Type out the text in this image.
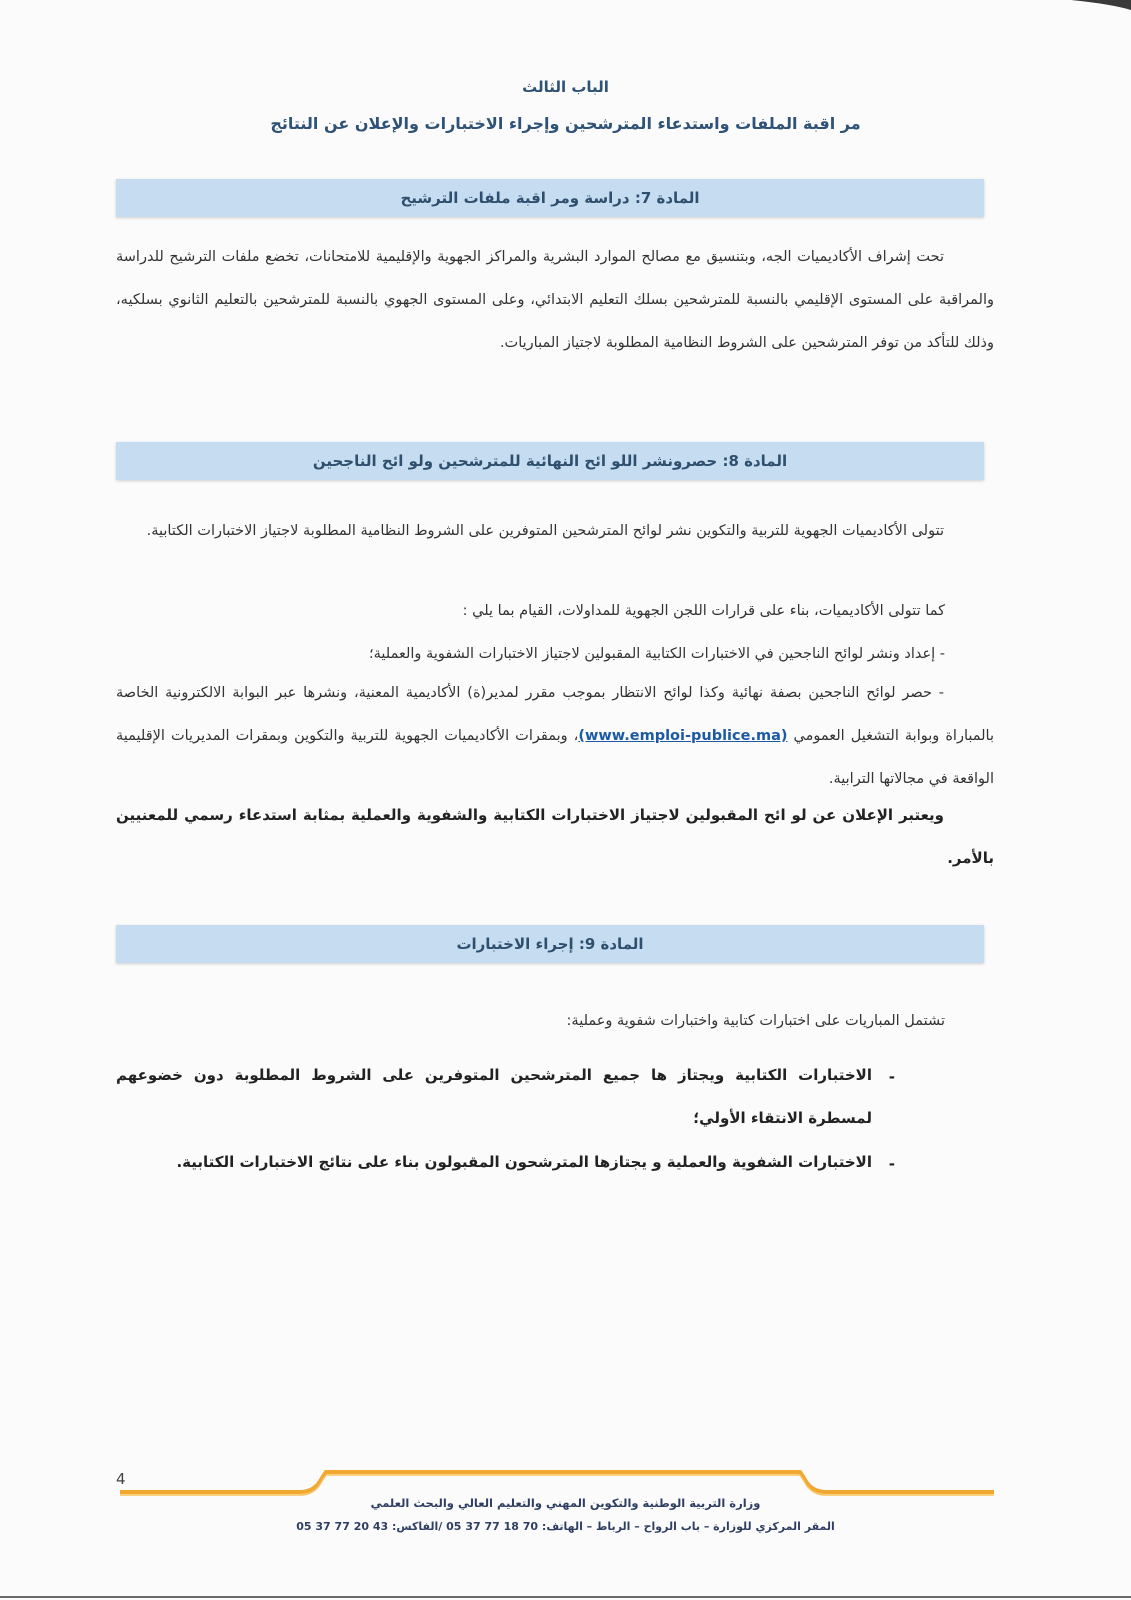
الباب الثالث
مر اقبة الملفات واستدعاء المترشحين وإجراء الاختبارات والإعلان عن النتائج
المادة 7: دراسة ومر اقبة ملفات الترشيح
تحت إشراف الأكاديميات الجه، وبتنسيق مع مصالح الموارد البشرية والمراكز الجهوية والإقليمية للامتحانات، تخضع ملفات الترشيح للدراسة والمراقبة على المستوى الإقليمي بالنسبة للمترشحين بسلك التعليم الابتدائي، وعلى المستوى الجهوي بالنسبة للمترشحين بالتعليم الثانوي بسلكيه، وذلك للتأكد من توفر المترشحين على الشروط النظامية المطلوبة لاجتياز المباريات.
المادة 8: حصرونشر اللو ائح النهائية للمترشحين ولو ائح الناجحين
تتولى الأكاديميات الجهوية للتربية والتكوين نشر لوائح المترشحين المتوفرين على الشروط النظامية المطلوبة لاجتياز الاختبارات الكتابية.
كما تتولى الأكاديميات، بناء على قرارات اللجن الجهوية للمداولات، القيام بما يلي :
- إعداد ونشر لوائح الناجحين في الاختبارات الكتابية المقبولين لاجتياز الاختبارات الشفوية والعملية؛
- حصر لوائح الناجحين بصفة نهائية وكذا لوائح الانتظار بموجب مقرر لمدير(ة) الأكاديمية المعنية، ونشرها عبر البوابة الالكترونية الخاصة بالمباراة وبوابة التشغيل العمومي (www.emploi-publice.ma)، وبمقرات الأكاديميات الجهوية للتربية والتكوين وبمقرات المديريات الإقليمية الواقعة في مجالاتها الترابية.
ويعتبر الإعلان عن لو ائح المقبولين لاجتياز الاختبارات الكتابية والشفوية والعملية بمثابة استدعاء رسمي للمعنيين بالأمر.
المادة 9: إجراء الاختبارات
تشتمل المباريات على اختبارات كتابية واختبارات شفوية وعملية:
-
الاختبارات الكتابية ويجتاز ها جميع المترشحين المتوفرين على الشروط المطلوبة دون خضوعهم لمسطرة الانتقاء الأولي؛
-
الاختبارات الشفوية والعملية و يجتازها المترشحون المقبولون بناء على نتائج الاختبارات الكتابية.
4
وزارة التربية الوطنية والتكوين المهني والتعليم العالي والبحث العلمي
المقر المركزي للوزارة – باب الرواح – الرباط – الهاتف: 70 18 77 37 05 /الفاكس: 43 20 77 37 05
